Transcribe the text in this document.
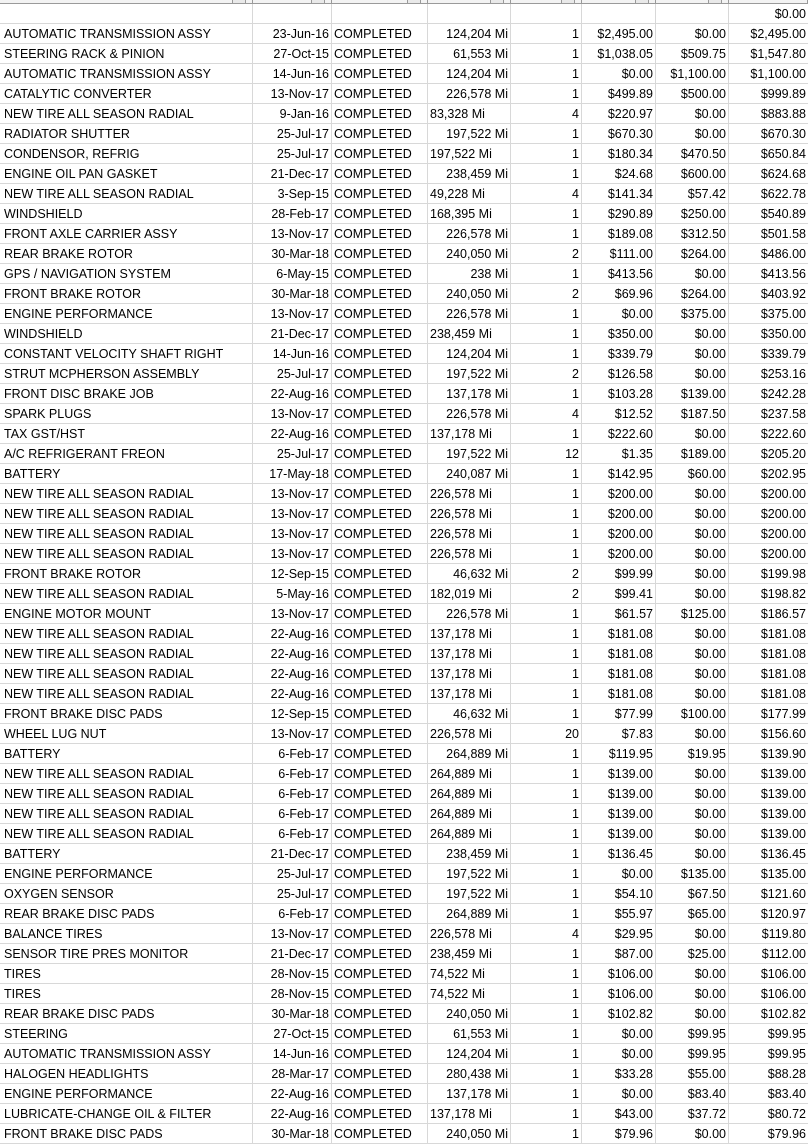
$0.00
AUTOMATIC TRANSMISSION ASSY	23-Jun-16 COMPLETED	124,204 Mi	1	$2,495.00	$0.00	$2,495.00
STEERING RACK & PINION	27-Oct-15 COMPLETED	61,553 Mi	1	$1,038.05	$509.75	$1,547.80
AUTOMATIC TRANSMISSION ASSY	14-Jun-16 COMPLETED	124,204 Mi	1	$0.00	$1,100.00	$1,100.00
CATALYTIC CONVERTER	13-Nov-17 COMPLETED	226,578 Mi	1	$499.89	$500.00	$999.89
NEW TIRE ALL SEASON RADIAL	9-Jan-16 COMPLETED	83,328 Mi	4	$220.97	$0.00	$883.88
RADIATOR SHUTTER	25-Jul-17 COMPLETED	197,522 Mi	1	$670.30	$0.00	$670.30
CONDENSOR, REFRIG	25-Jul-17 COMPLETED	197,522 Mi	1	$180.34	$470.50	$650.84
ENGINE OIL PAN GASKET	21-Dec-17 COMPLETED	238,459 Mi	1	$24.68	$600.00	$624.68
NEW TIRE ALL SEASON RADIAL	3-Sep-15 COMPLETED	49,228 Mi	4	$141.34	$57.42	$622.78
WINDSHIELD	28-Feb-17 COMPLETED	168,395 Mi	1	$290.89	$250.00	$540.89
FRONT AXLE CARRIER ASSY	13-Nov-17 COMPLETED	226,578 Mi	1	$189.08	$312.50	$501.58
REAR BRAKE ROTOR	30-Mar-18 COMPLETED	240,050 Mi	2	$111.00	$264.00	$486.00
GPS / NAVIGATION SYSTEM	6-May-15 COMPLETED	238 Mi	1	$413.56	$0.00	$413.56
FRONT BRAKE ROTOR	30-Mar-18 COMPLETED	240,050 Mi	2	$69.96	$264.00	$403.92
ENGINE PERFORMANCE	13-Nov-17 COMPLETED	226,578 Mi	1	$0.00	$375.00	$375.00
WINDSHIELD	21-Dec-17 COMPLETED	238,459 Mi	1	$350.00	$0.00	$350.00
CONSTANT VELOCITY SHAFT RIGHT	14-Jun-16 COMPLETED	124,204 Mi	1	$339.79	$0.00	$339.79
STRUT MCPHERSON ASSEMBLY	25-Jul-17 COMPLETED	197,522 Mi	2	$126.58	$0.00	$253.16
FRONT DISC BRAKE JOB	22-Aug-16 COMPLETED	137,178 Mi	1	$103.28	$139.00	$242.28
SPARK PLUGS	13-Nov-17 COMPLETED	226,578 Mi	4	$12.52	$187.50	$237.58
TAX GST/HST	22-Aug-16 COMPLETED	137,178 Mi	1	$222.60	$0.00	$222.60
A/C REFRIGERANT FREON	25-Jul-17 COMPLETED	197,522 Mi	12	$1.35	$189.00	$205.20
BATTERY	17-May-18 COMPLETED	240,087 Mi	1	$142.95	$60.00	$202.95
NEW TIRE ALL SEASON RADIAL	13-Nov-17 COMPLETED	226,578 Mi	1	$200.00	$0.00	$200.00
NEW TIRE ALL SEASON RADIAL	13-Nov-17 COMPLETED	226,578 Mi	1	$200.00	$0.00	$200.00
NEW TIRE ALL SEASON RADIAL	13-Nov-17 COMPLETED	226,578 Mi	1	$200.00	$0.00	$200.00
NEW TIRE ALL SEASON RADIAL	13-Nov-17 COMPLETED	226,578 Mi	1	$200.00	$0.00	$200.00
FRONT BRAKE ROTOR	12-Sep-15 COMPLETED	46,632 Mi	2	$99.99	$0.00	$199.98
NEW TIRE ALL SEASON RADIAL	5-May-16 COMPLETED	182,019 Mi	2	$99.41	$0.00	$198.82
ENGINE MOTOR MOUNT	13-Nov-17 COMPLETED	226,578 Mi	1	$61.57	$125.00	$186.57
NEW TIRE ALL SEASON RADIAL	22-Aug-16 COMPLETED	137,178 Mi	1	$181.08	$0.00	$181.08
NEW TIRE ALL SEASON RADIAL	22-Aug-16 COMPLETED	137,178 Mi	1	$181.08	$0.00	$181.08
NEW TIRE ALL SEASON RADIAL	22-Aug-16 COMPLETED	137,178 Mi	1	$181.08	$0.00	$181.08
NEW TIRE ALL SEASON RADIAL	22-Aug-16 COMPLETED	137,178 Mi	1	$181.08	$0.00	$181.08
FRONT BRAKE DISC PADS	12-Sep-15 COMPLETED	46,632 Mi	1	$77.99	$100.00	$177.99
WHEEL LUG NUT	13-Nov-17 COMPLETED	226,578 Mi	20	$7.83	$0.00	$156.60
BATTERY	6-Feb-17 COMPLETED	264,889 Mi	1	$119.95	$19.95	$139.90
NEW TIRE ALL SEASON RADIAL	6-Feb-17 COMPLETED	264,889 Mi	1	$139.00	$0.00	$139.00
NEW TIRE ALL SEASON RADIAL	6-Feb-17 COMPLETED	264,889 Mi	1	$139.00	$0.00	$139.00
NEW TIRE ALL SEASON RADIAL	6-Feb-17 COMPLETED	264,889 Mi	1	$139.00	$0.00	$139.00
NEW TIRE ALL SEASON RADIAL	6-Feb-17 COMPLETED	264,889 Mi	1	$139.00	$0.00	$139.00
BATTERY	21-Dec-17 COMPLETED	238,459 Mi	1	$136.45	$0.00	$136.45
ENGINE PERFORMANCE	25-Jul-17 COMPLETED	197,522 Mi	1	$0.00	$135.00	$135.00
OXYGEN SENSOR	25-Jul-17 COMPLETED	197,522 Mi	1	$54.10	$67.50	$121.60
REAR BRAKE DISC PADS	6-Feb-17 COMPLETED	264,889 Mi	1	$55.97	$65.00	$120.97
BALANCE TIRES	13-Nov-17 COMPLETED	226,578 Mi	4	$29.95	$0.00	$119.80
SENSOR TIRE PRES MONITOR	21-Dec-17 COMPLETED	238,459 Mi	1	$87.00	$25.00	$112.00
TIRES	28-Nov-15 COMPLETED	74,522 Mi	1	$106.00	$0.00	$106.00
TIRES	28-Nov-15 COMPLETED	74,522 Mi	1	$106.00	$0.00	$106.00
REAR BRAKE DISC PADS	30-Mar-18 COMPLETED	240,050 Mi	1	$102.82	$0.00	$102.82
STEERING	27-Oct-15 COMPLETED	61,553 Mi	1	$0.00	$99.95	$99.95
AUTOMATIC TRANSMISSION ASSY	14-Jun-16 COMPLETED	124,204 Mi	1	$0.00	$99.95	$99.95
HALOGEN HEADLIGHTS	28-Mar-17 COMPLETED	280,438 Mi	1	$33.28	$55.00	$88.28
ENGINE PERFORMANCE	22-Aug-16 COMPLETED	137,178 Mi	1	$0.00	$83.40	$83.40
LUBRICATE-CHANGE OIL & FILTER	22-Aug-16 COMPLETED	137,178 Mi	1	$43.00	$37.72	$80.72
FRONT BRAKE DISC PADS	30-Mar-18 COMPLETED	240,050 Mi	1	$79.96	$0.00	$79.96
